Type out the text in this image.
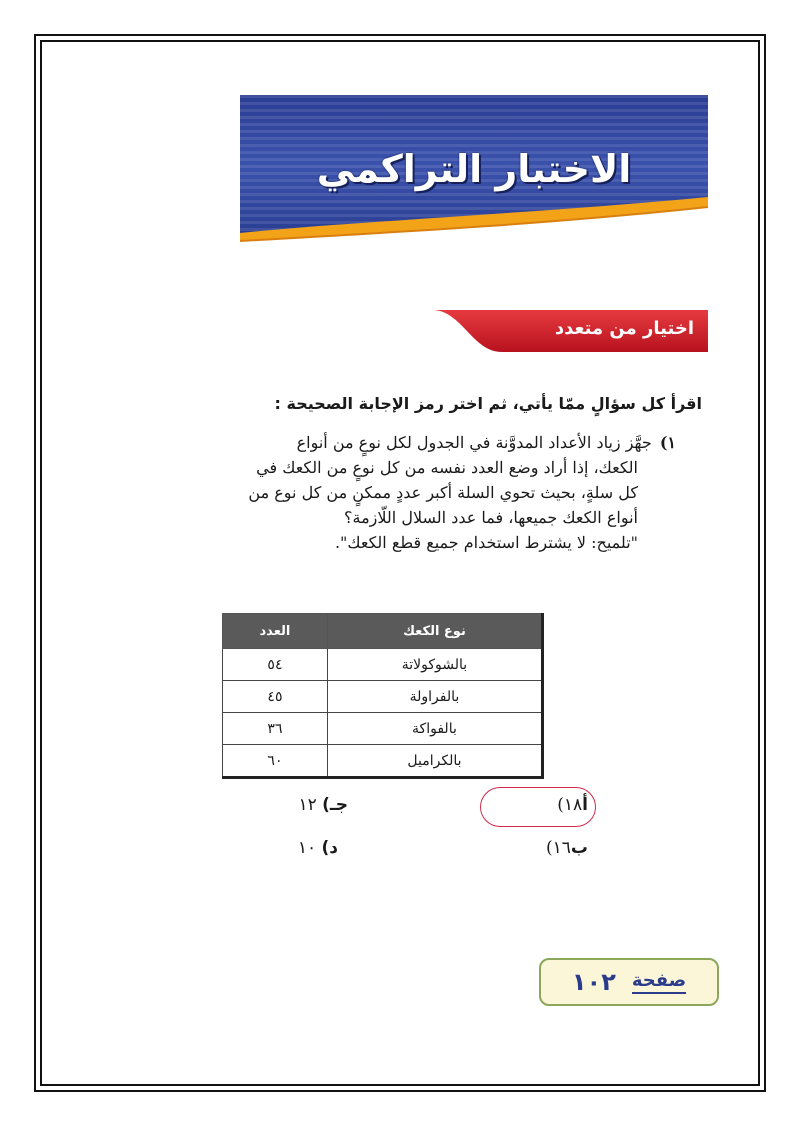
الاختبار التراكمي
اختيار من متعدد
اقرأ كل سؤالٍ ممّا يأتي، ثم اختر رمز الإجابة الصحيحة :
١)جهَّز زياد الأعداد المدوَّنة في الجدول لكل نوعٍ من أنواع
الكعك، إذا أراد وضع العدد نفسه من كل نوعٍ من الكعك في
كل سلةٍ، بحيث تحوي السلة أكبر عددٍ ممكنٍ من كل نوع من
أنواع الكعك جميعها، فما عدد السلال اللّازمة؟
"تلميح: لا يشترط استخدام جميع قطع الكعك".
نوع الكعك	العدد
بالشوكولاتة	٥٤
بالفراولة	٤٥
بالفواكة	٣٦
بالكراميل	٦٠
أ١٨)
ب١٦)
جـ) ١٢
د) ١٠
صفحة
١٠٢
